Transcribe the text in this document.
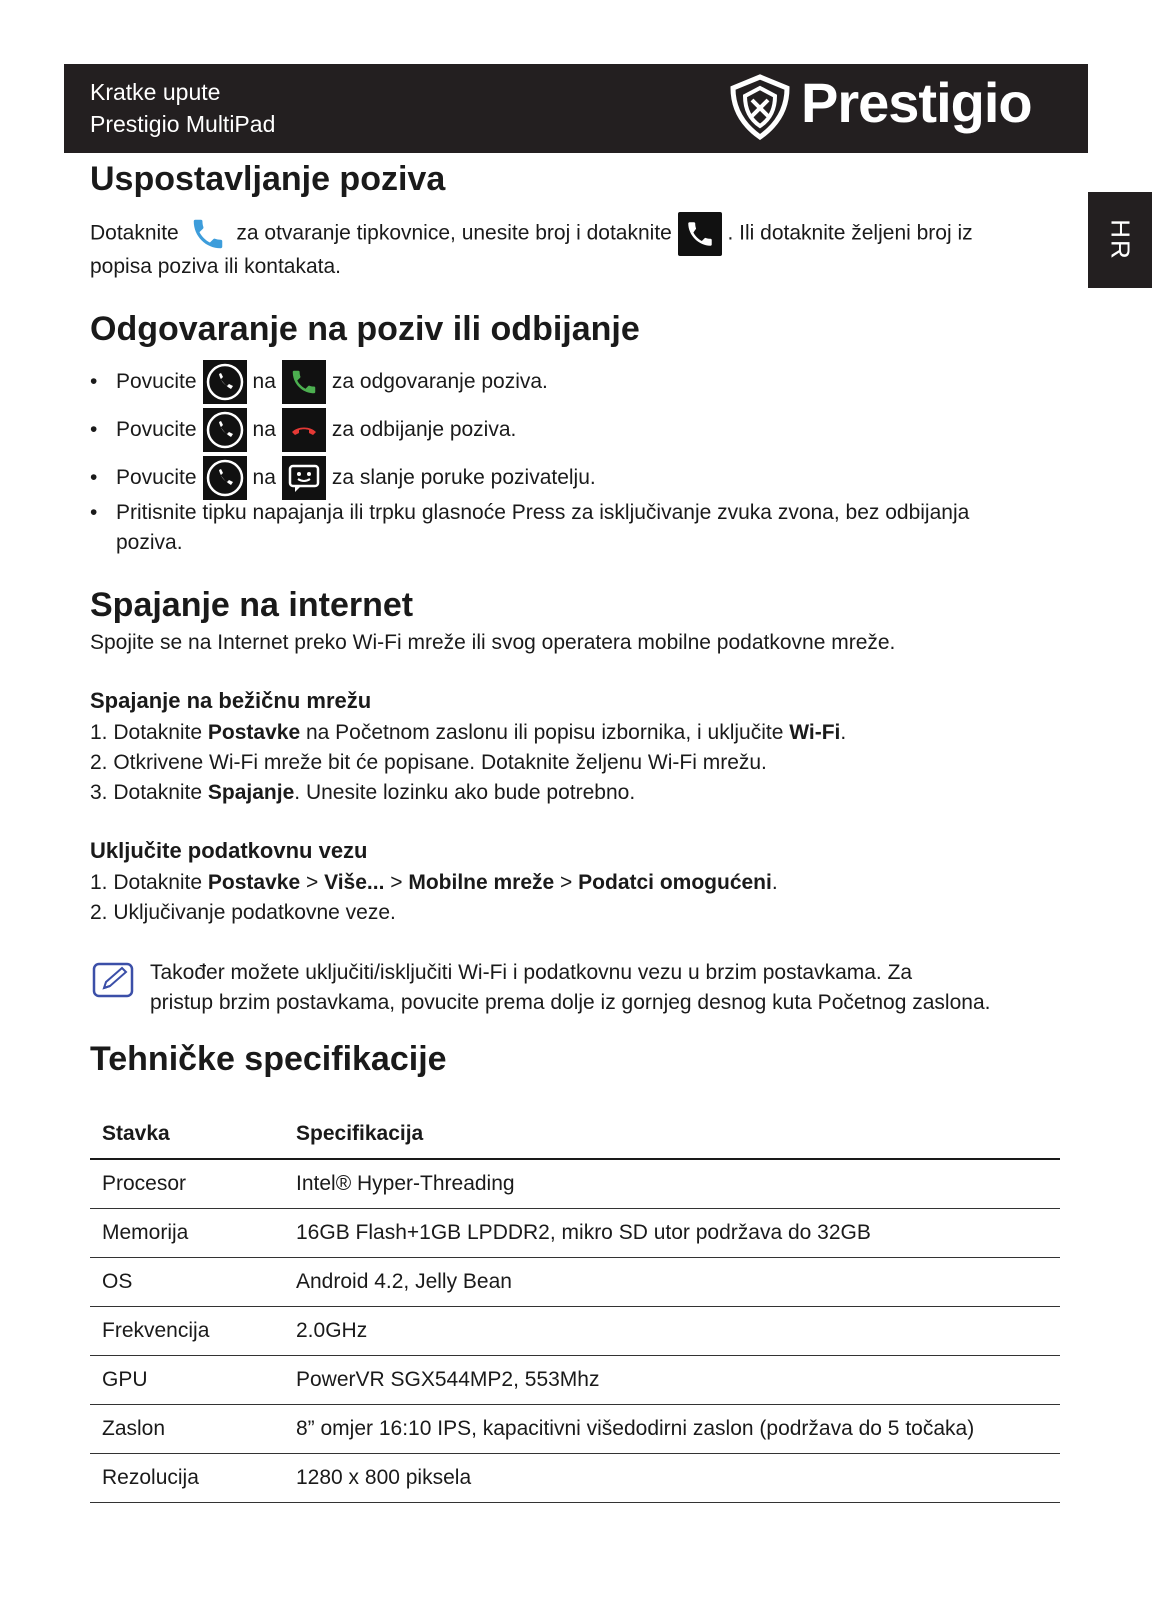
Kratke upute
Prestigio MultiPad	Prestigio
HR
Uspostavljanje poziva
Dotaknite	za otvaranje tipkovnice, unesite broj i dotaknite	. Ili dotaknite željeni broj iz
popisa poziva ili kontakata.
Odgovaranje na poziv ili odbijanje
• Povucite	na	za odgovaranje poziva.
• Povucite	na	za odbijanje poziva.
• Povucite	na	za slanje poruke pozivatelju.
• Pritisnite tipku napajanja ili trpku glasnoće Press za isključivanje zvuka zvona, bez odbijanja
poziva.
Spajanje na internet
Spojite se na Internet preko Wi-Fi mreže ili svog operatera mobilne podatkovne mreže.
Spajanje na bežičnu mrežu
1. Dotaknite Postavke na Početnom zaslonu ili popisu izbornika, i uključite Wi-Fi.
2. Otkrivene Wi-Fi mreže bit će popisane. Dotaknite željenu Wi-Fi mrežu.
3. Dotaknite Spajanje. Unesite lozinku ako bude potrebno.
Uključite podatkovnu vezu
1. Dotaknite Postavke > Više... > Mobilne mreže > Podatci omogućeni.
2. Uključivanje podatkovne veze.
Također možete uključiti/isključiti Wi-Fi i podatkovnu vezu u brzim postavkama. Za
pristup brzim postavkama, povucite prema dolje iz gornjeg desnog kuta Početnog zaslona.
Tehničke specifikacije
Stavka	Specifikacija
Procesor	Intel® Hyper-Threading
Memorija	16GB Flash+1GB LPDDR2, mikro SD utor podržava do 32GB
OS	Android 4.2, Jelly Bean
Frekvencija	2.0GHz
GPU	PowerVR SGX544MP2, 553Mhz
Zaslon	8” omjer 16:10 IPS, kapacitivni višedodirni zaslon (podržava do 5 točaka)
Rezolucija	1280 x 800 piksela
